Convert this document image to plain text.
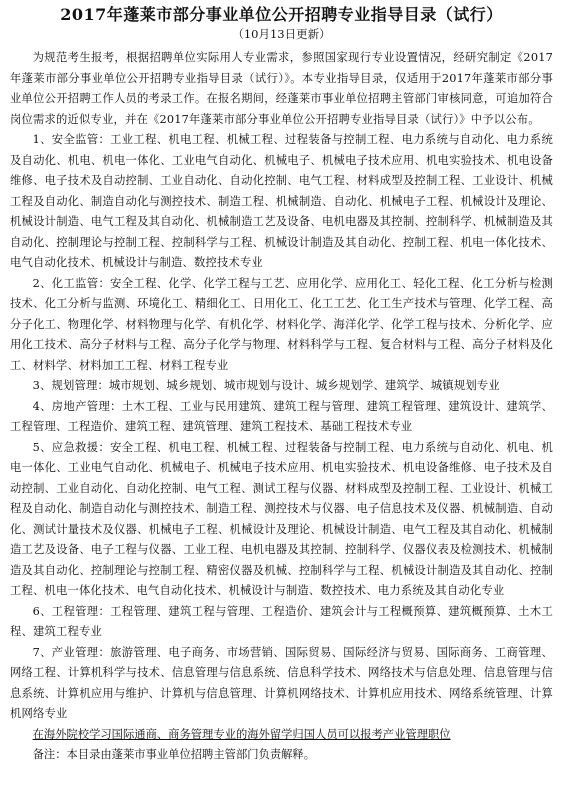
2017年蓬莱市部分事业单位公开招聘专业指导目录（试行）

（10月13日更新）

为规范考生报考，根据招聘单位实际用人专业需求，参照国家现行专业设置情况，经研究制定《2017年蓬莱市部分事业单位公开招聘专业指导目录（试行）》。本专业指导目录，仅适用于2017年蓬莱市部分事业单位公开招聘工作人员的考录工作。在报名期间，经蓬莱市事业单位招聘主管部门审核同意，可追加符合岗位需求的近似专业，并在《2017年蓬莱市部分事业单位公开招聘专业指导目录（试行）》中予以公布。

1、安全监管：工业工程、机电工程、机械工程、过程装备与控制工程、电力系统与自动化、电力系统及自动化、机电、机电一体化、工业电气自动化、机械电子、机械电子技术应用、机电实验技术、机电设备维修、电子技术及自动控制、工业自动化、自动化控制、电气工程、材料成型及控制工程、工业设计、机械工程及自动化、制造自动化与测控技术、制造工程、机械制造、自动化、机械电子工程、机械设计及理论、机械设计制造、电气工程及其自动化、机械制造工艺及设备、电机电器及其控制、控制科学、机械制造及其自动化、控制理论与控制工程、控制科学与工程、机械设计制造及其自动化、控制工程、机电一体化技术、电气自动化技术、机械设计与制造、数控技术专业

2、化工监管：安全工程、化学、化学工程与工艺、应用化学、应用化工、轻化工程、化工分析与检测技术、化工分析与监测、环境化工、精细化工、日用化工、化工工艺、化工生产技术与管理、化学工程、高分子化工、物理化学、材料物理与化学、有机化学、材料化学、海洋化学、化学工程与技术、分析化学、应用化工技术、高分子材料与工程、高分子化学与物理、材料科学与工程、复合材料与工程、高分子材料及化工、材料学、材料加工工程、材料工程专业

3、规划管理：城市规划、城乡规划、城市规划与设计、城乡规划学、建筑学、城镇规划专业

4、房地产管理：土木工程、工业与民用建筑、建筑工程与管理、建筑工程管理、建筑设计、建筑学、工程管理、工程造价、建筑工程、建筑管理、建筑工程技术、基础工程技术专业

5、应急救援：安全工程、机电工程、机械工程、过程装备与控制工程、电力系统与自动化、机电、机电一体化、工业电气自动化、机械电子、机械电子技术应用、机电实验技术、机电设备维修、电子技术及自动控制、工业自动化、自动化控制、电气工程、测试工程与仪器、材料成型及控制工程、工业设计、机械工程及自动化、制造自动化与测控技术、制造工程、测控技术与仪器、电子信息技术及仪器、机械制造、自动化、测试计量技术及仪器、机械电子工程、机械设计及理论、机械设计制造、电气工程及其自动化、机械制造工艺及设备、电子工程与仪器、工业工程、电机电器及其控制、控制科学、仪器仪表及检测技术、机械制造及其自动化、控制理论与控制工程、精密仪器及机械、控制科学与工程、机械设计制造及其自动化、控制工程、机电一体化技术、电气自动化技术、机械设计与制造、数控技术、电力系统及其自动化专业

6、工程管理：工程管理、建筑工程与管理、工程造价、建筑会计与工程概预算、建筑概预算、土木工程、建筑工程专业

7、产业管理：旅游管理、电子商务、市场营销、国际贸易、国际经济与贸易、国际商务、工商管理、网络工程、计算机科学与技术、信息管理与信息系统、信息科学技术、网络技术与信息处理、信息管理与信息系统、计算机应用与维护、计算机与信息管理、计算机网络技术、计算机应用技术、网络系统管理、计算机网络专业

在海外院校学习国际通商、商务管理专业的海外留学归国人员可以报考产业管理职位

备注：本目录由蓬莱市事业单位招聘主管部门负责解释。
